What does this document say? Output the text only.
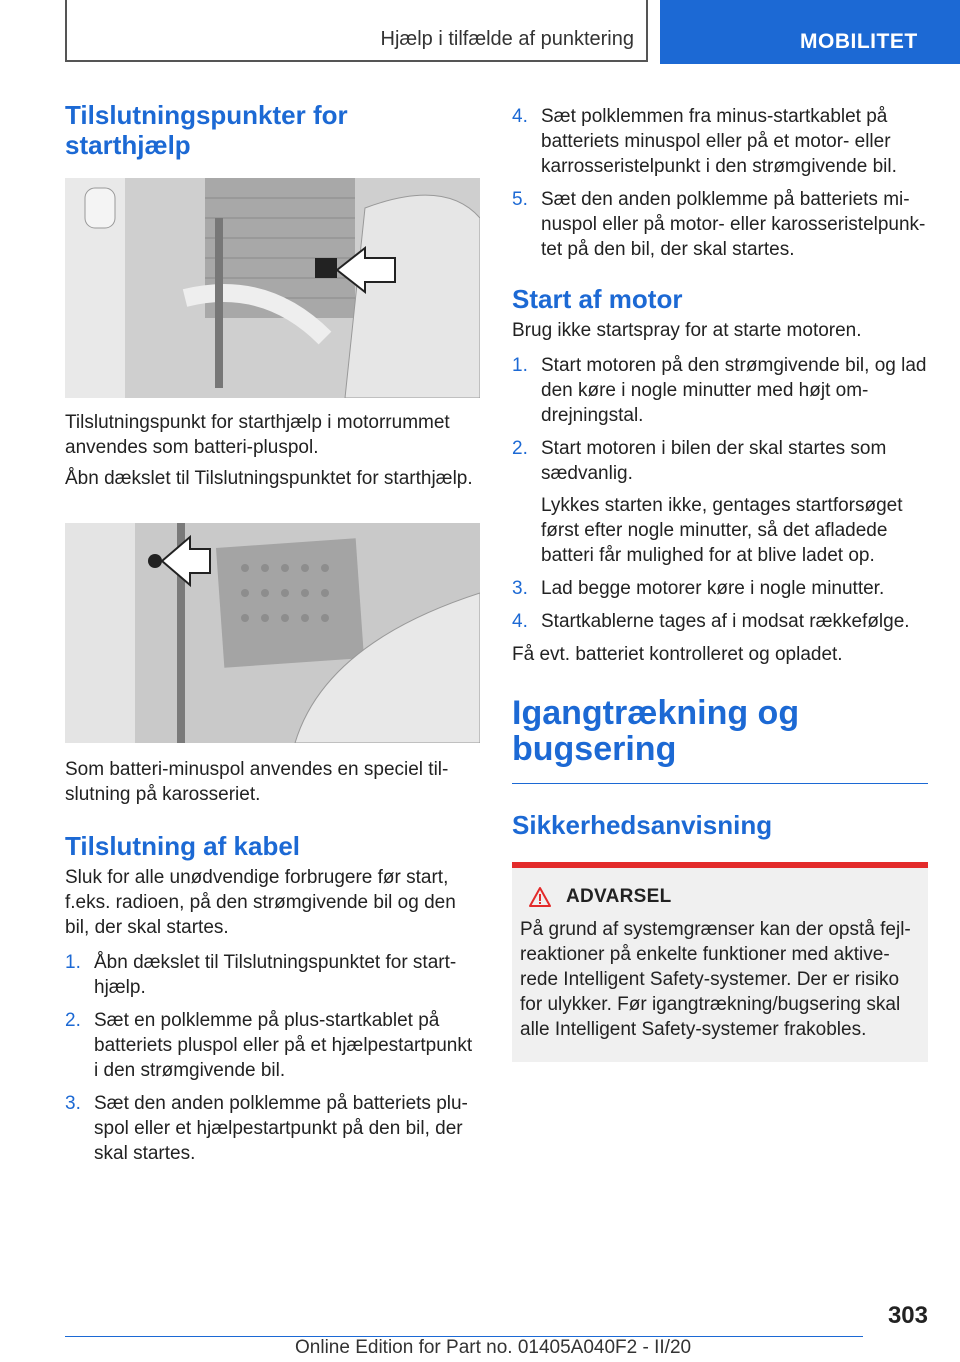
Hjælp i tilfælde af punktering	MOBILITET
Tilslutningspunkter for starthjælp

Tilslutningspunkt for starthjælp i motorrummet anvendes som batteri-pluspol.

Åbn dækslet til Tilslutningspunktet for starthjælp.

Som batteri-minuspol anvendes en speciel til-slutning på karosseriet.

Tilslutning af kabel

Sluk for alle unødvendige forbrugere før start, f.eks. radioen, på den strømgivende bil og den bil, der skal startes.

1. Åbn dækslet til Tilslutningspunktet for start-hjælp.
2. Sæt en polklemme på plus-startkablet på batteriets pluspol eller på et hjælpestartpunkt i den strømgivende bil.
3. Sæt den anden polklemme på batteriets plu-spol eller et hjælpestartpunkt på den bil, der skal startes.
4. Sæt polklemmen fra minus-startkablet på batteriets minuspol eller på et motor- eller karrosseristelpunkt i den strømgivende bil.
5. Sæt den anden polklemme på batteriets mi-nuspol eller på motor- eller karosseristelpunk-tet på den bil, der skal startes.
Start af motor

Brug ikke startspray for at starte motoren.

1. Start motoren på den strømgivende bil, og lad den køre i nogle minutter med højt om-drejningstal.
2. Start motoren i bilen der skal startes som sædvanlig.

Lykkes starten ikke, gentages startforsøget først efter nogle minutter, så det afladede batteri får mulighed for at blive ladet op.

3. Lad begge motorer køre i nogle minutter.
4. Startkablerne tages af i modsat rækkefølge.

Få evt. batteriet kontrolleret og opladet.

Igangtrækning og bugsering
Sikkerhedsanvisning
ADVARSEL

På grund af systemgrænser kan der opstå fejl-reaktioner på enkelte funktioner med aktive-rede Intelligent Safety-systemer. Der er risiko for ulykker. Før igangtrækning/bugsering skal alle Intelligent Safety-systemer frakobles.

303
Online Edition for Part no. 01405A040F2 - II/20
